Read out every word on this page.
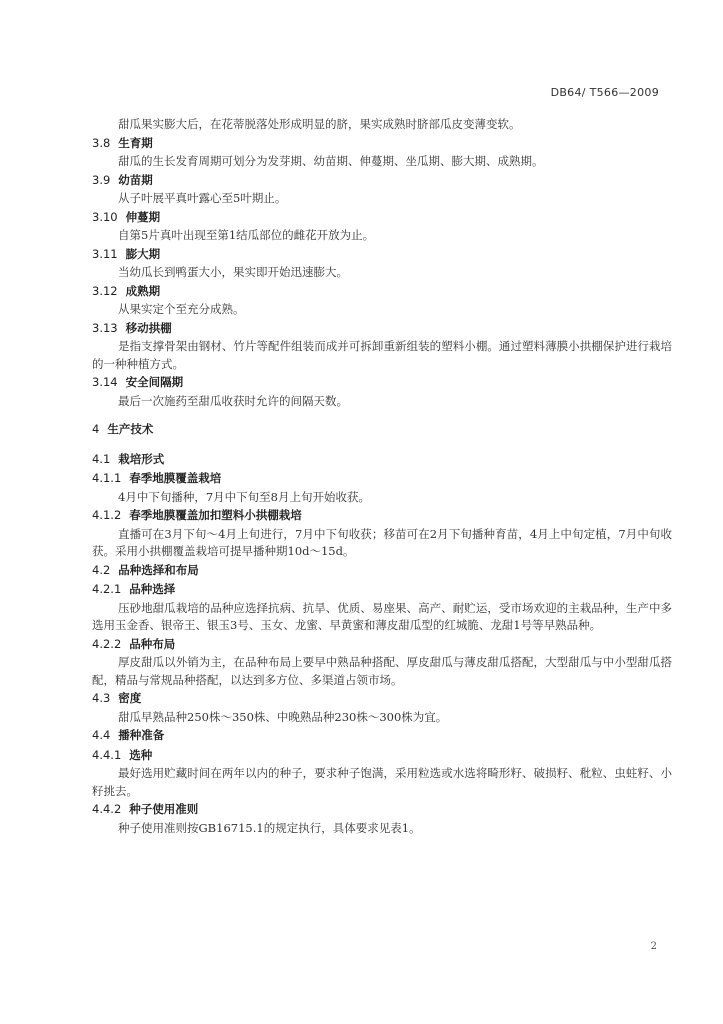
DB64/ T566—2009

甜瓜果实膨大后，在花蒂脱落处形成明显的脐，果实成熟时脐部瓜皮变薄变软。

3.8 生育期

甜瓜的生长发育周期可划分为发芽期、幼苗期、伸蔓期、坐瓜期、膨大期、成熟期。

3.9 幼苗期

从子叶展平真叶露心至5叶期止。

3.10 伸蔓期

自第5片真叶出现至第1结瓜部位的雌花开放为止。

3.11 膨大期

当幼瓜长到鸭蛋大小，果实即开始迅速膨大。

3.12 成熟期

从果实定个至充分成熟。

3.13 移动拱棚

是指支撑骨架由钢材、竹片等配件组装而成并可拆卸重新组装的塑料小棚。通过塑料薄膜小拱棚保护进行栽培的一种种植方式。

3.14 安全间隔期

最后一次施药至甜瓜收获时允许的间隔天数。

4 生产技术
4.1 栽培形式
4.1.1 春季地膜覆盖栽培

4月中下旬播种，7月中下旬至8月上旬开始收获。

4.1.2 春季地膜覆盖加扣塑料小拱棚栽培

直播可在3月下旬～4月上旬进行，7月中下旬收获；移苗可在2月下旬播种育苗，4月上中旬定植，7月中旬收获。采用小拱棚覆盖栽培可提早播种期10d～15d。

4.2 品种选择和布局
4.2.1 品种选择

压砂地甜瓜栽培的品种应选择抗病、抗旱、优质、易座果、高产、耐贮运，受市场欢迎的主栽品种，生产中多选用玉金香、银帝王、银玉3号、玉女、龙蜜、早黄蜜和薄皮甜瓜型的红城脆、龙甜1号等早熟品种。

4.2.2 品种布局

厚皮甜瓜以外销为主，在品种布局上要早中熟品种搭配、厚皮甜瓜与薄皮甜瓜搭配，大型甜瓜与中小型甜瓜搭配，精品与常规品种搭配，以达到多方位、多渠道占领市场。

4.3 密度

甜瓜早熟品种250株～350株、中晚熟品种230株～300株为宜。

4.4 播种准备
4.4.1 选种

最好选用贮藏时间在两年以内的种子，要求种子饱满，采用粒选或水选将畸形籽、破损籽、秕粒、虫蛀籽、小籽挑去。

4.4.2 种子使用准则

种子使用准则按GB16715.1的规定执行，具体要求见表1。

2
